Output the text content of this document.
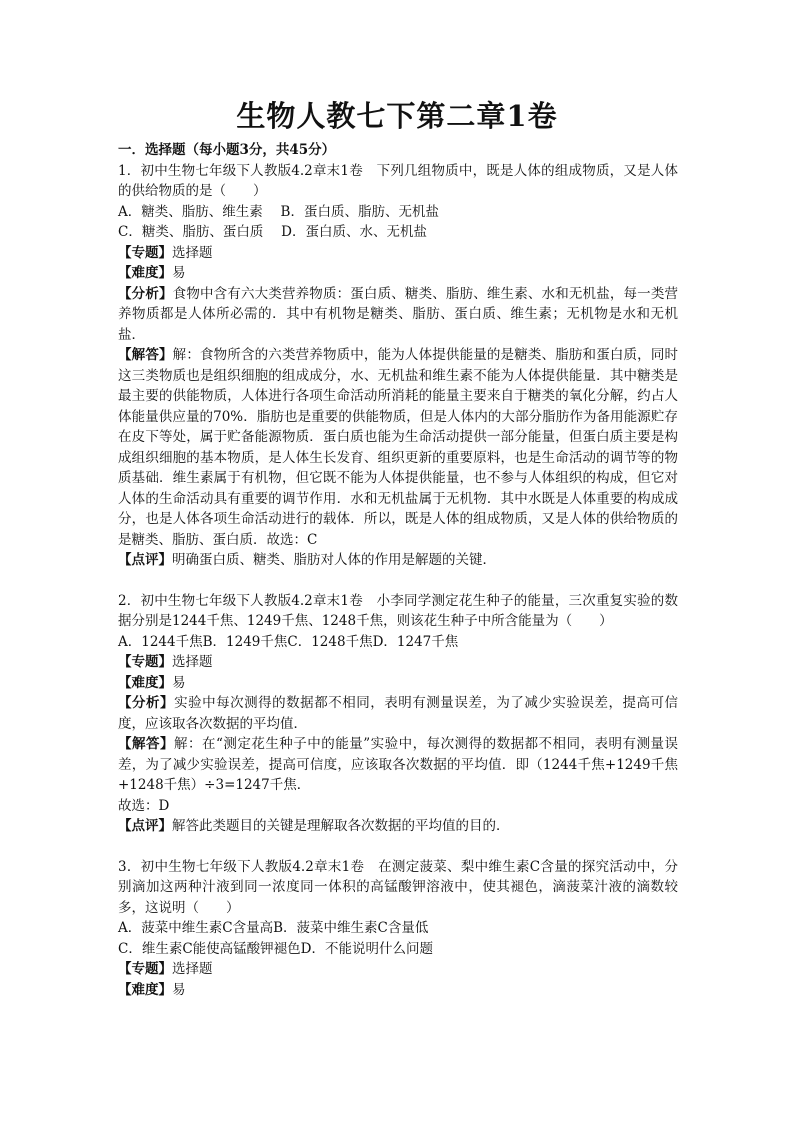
生物人教七下第二章1卷

一．选择题（每小题3分，共45分）

1．初中生物七年级下人教版4.2章末1卷　下列几组物质中，既是人体的组成物质，又是人体的供给物质的是（　　）

A．糖类、脂肪、维生素　 B．蛋白质、脂肪、无机盐

C．糖类、脂肪、蛋白质　 D．蛋白质、水、无机盐

【专题】选择题

【难度】易

【分析】食物中含有六大类营养物质：蛋白质、糖类、脂肪、维生素、水和无机盐，每一类营养物质都是人体所必需的．其中有机物是糖类、脂肪、蛋白质、维生素；无机物是水和无机盐．

【解答】解：食物所含的六类营养物质中，能为人体提供能量的是糖类、脂肪和蛋白质，同时这三类物质也是组织细胞的组成成分，水、无机盐和维生素不能为人体提供能量．其中糖类是最主要的供能物质，人体进行各项生命活动所消耗的能量主要来自于糖类的氧化分解，约占人体能量供应量的70%．脂肪也是重要的供能物质，但是人体内的大部分脂肪作为备用能源贮存在皮下等处，属于贮备能源物质．蛋白质也能为生命活动提供一部分能量，但蛋白质主要是构成组织细胞的基本物质，是人体生长发育、组织更新的重要原料，也是生命活动的调节等的物质基础．维生素属于有机物，但它既不能为人体提供能量，也不参与人体组织的构成，但它对人体的生命活动具有重要的调节作用．水和无机盐属于无机物．其中水既是人体重要的构成成分，也是人体各项生命活动进行的载体．所以，既是人体的组成物质，又是人体的供给物质的是糖类、脂肪、蛋白质．故选：C

【点评】明确蛋白质、糖类、脂肪对人体的作用是解题的关键．

2．初中生物七年级下人教版4.2章末1卷　小李同学测定花生种子的能量，三次重复实验的数据分别是1244千焦、1249千焦、1248千焦，则该花生种子中所含能量为（　　）

A．1244千焦B．1249千焦C．1248千焦D．1247千焦

【专题】选择题

【难度】易

【分析】实验中每次测得的数据都不相同，表明有测量误差，为了减少实验误差，提高可信度，应该取各次数据的平均值．

【解答】解：在“测定花生种子中的能量”实验中，每次测得的数据都不相同，表明有测量误差，为了减少实验误差，提高可信度，应该取各次数据的平均值．即（1244千焦+1249千焦+1248千焦）÷3=1247千焦．

故选：D

【点评】解答此类题目的关键是理解取各次数据的平均值的目的．

3．初中生物七年级下人教版4.2章末1卷　在测定菠菜、梨中维生素C含量的探究活动中，分别滴加这两种汁液到同一浓度同一体积的高锰酸钾溶液中，使其褪色，滴菠菜汁液的滴数较多，这说明（　　）

A．菠菜中维生素C含量高B．菠菜中维生素C含量低

C．维生素C能使高锰酸钾褪色D．不能说明什么问题

【专题】选择题

【难度】易
